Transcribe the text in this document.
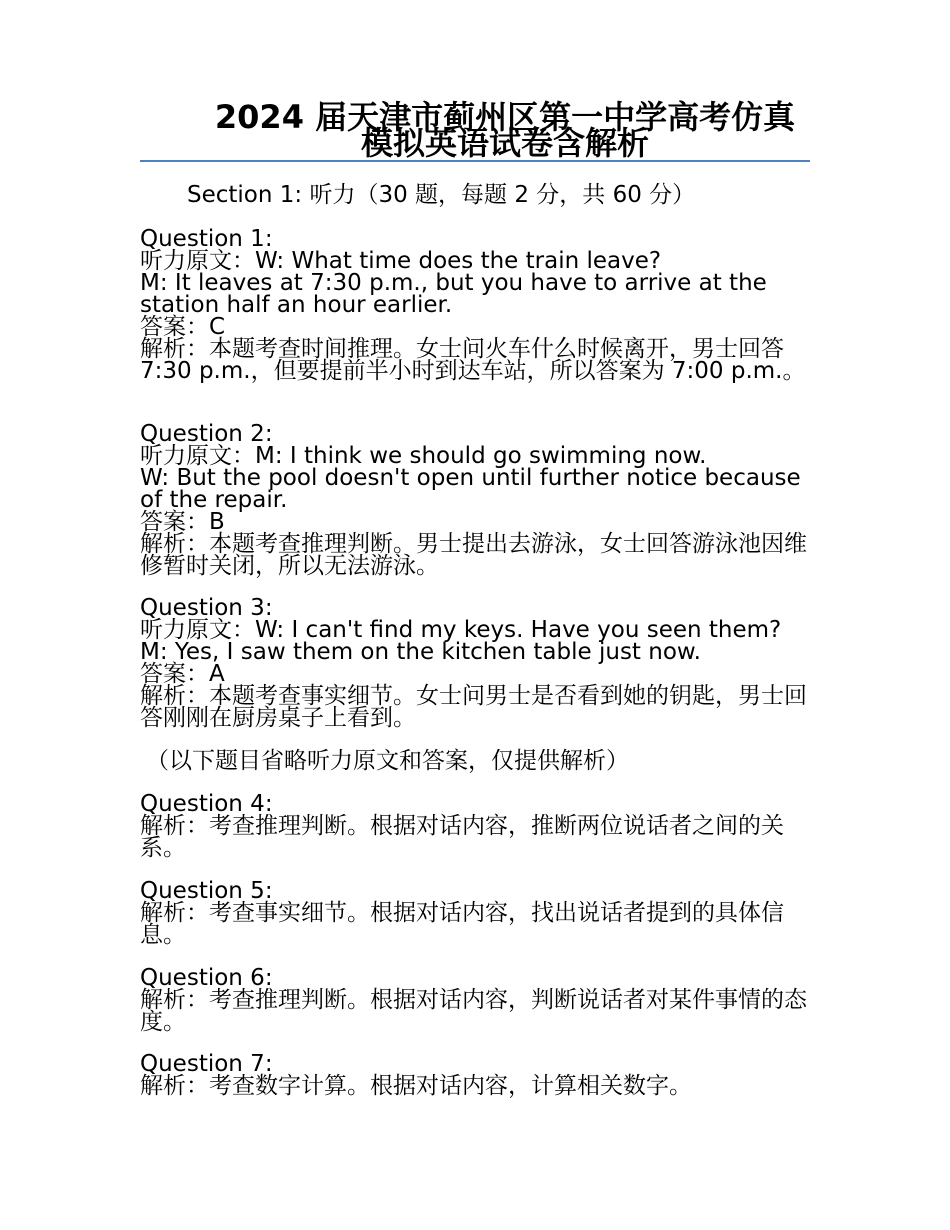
2024 届天津市蓟州区第一中学高考仿真模拟英语试卷含解析
Section 1: 听力（30 题，每题 2 分，共 60 分）

Question 1:

听力原文：W: What time does the train leave?

M: It leaves at 7:30 p.m., but you have to arrive at the station half an hour earlier.

答案：C

解析：本题考查时间推理。女士问火车什么时候离开，男士回答 7:30 p.m.，但要提前半小时到达车站，所以答案为 7:00 p.m.。

Question 2:

听力原文：M: I think we should go swimming now.

W: But the pool doesn't open until further notice because of the repair.

答案：B

解析：本题考查推理判断。男士提出去游泳，女士回答游泳池因维修暂时关闭，所以无法游泳。

Question 3:

听力原文：W: I can't find my keys. Have you seen them?

M: Yes, I saw them on the kitchen table just now.

答案：A

解析：本题考查事实细节。女士问男士是否看到她的钥匙，男士回答刚刚在厨房桌子上看到。

（以下题目省略听力原文和答案，仅提供解析）

Question 4:

解析：考查推理判断。根据对话内容，推断两位说话者之间的关系。

Question 5:

解析：考查事实细节。根据对话内容，找出说话者提到的具体信息。

Question 6:

解析：考查推理判断。根据对话内容，判断说话者对某件事情的态度。

Question 7:

解析：考查数字计算。根据对话内容，计算相关数字。
